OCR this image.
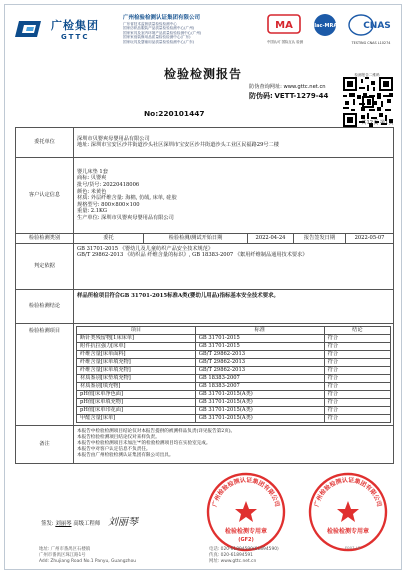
广检集团
GTTC
广州检验检测认证集团有限公司
广东省技术监督质量检验检测中心
国家纺织品服装产品质量检验检测中心(广州)
国家家具及室内环境产品质量检验检测中心(广州)
国家家庭装修用品质量检验检测中心(广东)
国家玩具及婴童用品质量检验检测中心(广东)
MA	ilac-MRA	CNAS
TESTING CNAS L10274
中国认可 国际互认 检测
检验检测报告
防伪查询网址: www.gttc.net.cn
防伪码: VETT-1279-44
检测报告二维码
No:220101447
共12页 第1页
委托单位	
深圳市贝婴爽母婴用品有限公司
地址: 深圳市宝安区沙井街道沙头社区深圳市宝安区沙井街道沙头工业区民福路29号二楼

客户认定信息	
婴儿床垫 1套
商标: 贝婴爽
批号/货号: 20220418006
颜色: 米黄色
材质: 外层纤维含量: 海棉, 仿绒, 床单, 硅胶
规格型号: 800×800×100
重量: 2.1KG
生产单位: 深圳市贝婴爽母婴用品有限公司

检验检测类别	委托	检验检测/测试开始日期	2022-04-24	报告签发日期	2022-05-07
判定依据	
GB 31701-2015 《婴幼儿及儿童纺织产品安全技术规范》
GB/T 29862-2013 《纺织品 纤维含量的标识》, GB 18383-2007 《絮用纤维制品通用技术要求》

检验检测结论	样品所检项目符合GB 31701-2015标准A类(婴幼儿用品)指标基本安全技术要求。
检验检测项目		项目	标准	结论
断针类残留物[1床床单]	GB 31701-2015	符合
附件抗拉强力[床单]	GB 31701-2015	符合
纤维含量[床单面料]	GB/T 29862-2013	符合
纤维含量[床单填充物]	GB/T 29862-2013	符合
纤维含量[床单填充物]	GB/T 29862-2013	符合
材质鉴别[床垫填充物]	GB 18383-2007	符合
材质鉴别[填充物]	GB 18383-2007	符合
pH值[床单净色面]	GB 31701-2015(A类)	符合
pH值[床单填充物]	GB 31701-2015(A类)	符合
pH值[床单印花面]	GB 31701-2015(A类)	符合
甲醛含量[床单]	GB 31701-2015(A类)	符合

备注	
本报告中检验检测项目结论仅对本报告提供的被测样品负责(详见报告第2页)。
本报告检验检测项目结论仅对来样负责。
本报告中检验检测项目未加注'*'的检验检测项目均在实验室完成。
本报告中对客户认定信息不负责任。
本报告由广州检验检测认证集团有限公司出具。
广州检验检测认证集团有限公司
检验检测专用章
(GF2)
广州检验检测认证集团有限公司
检验检测专用章
签发: 刘丽琴 高级工程师 刘丽琴
地址: 广州市番禺区石楼镇
广州市番禺区珠江路1号
Add: Zhujiang Road No.1 Panyu, Guangzhou
电话: 020-61894590(61894590)
传真: 020-61894591
网址: www.gttc.net.cn
F007-LS
